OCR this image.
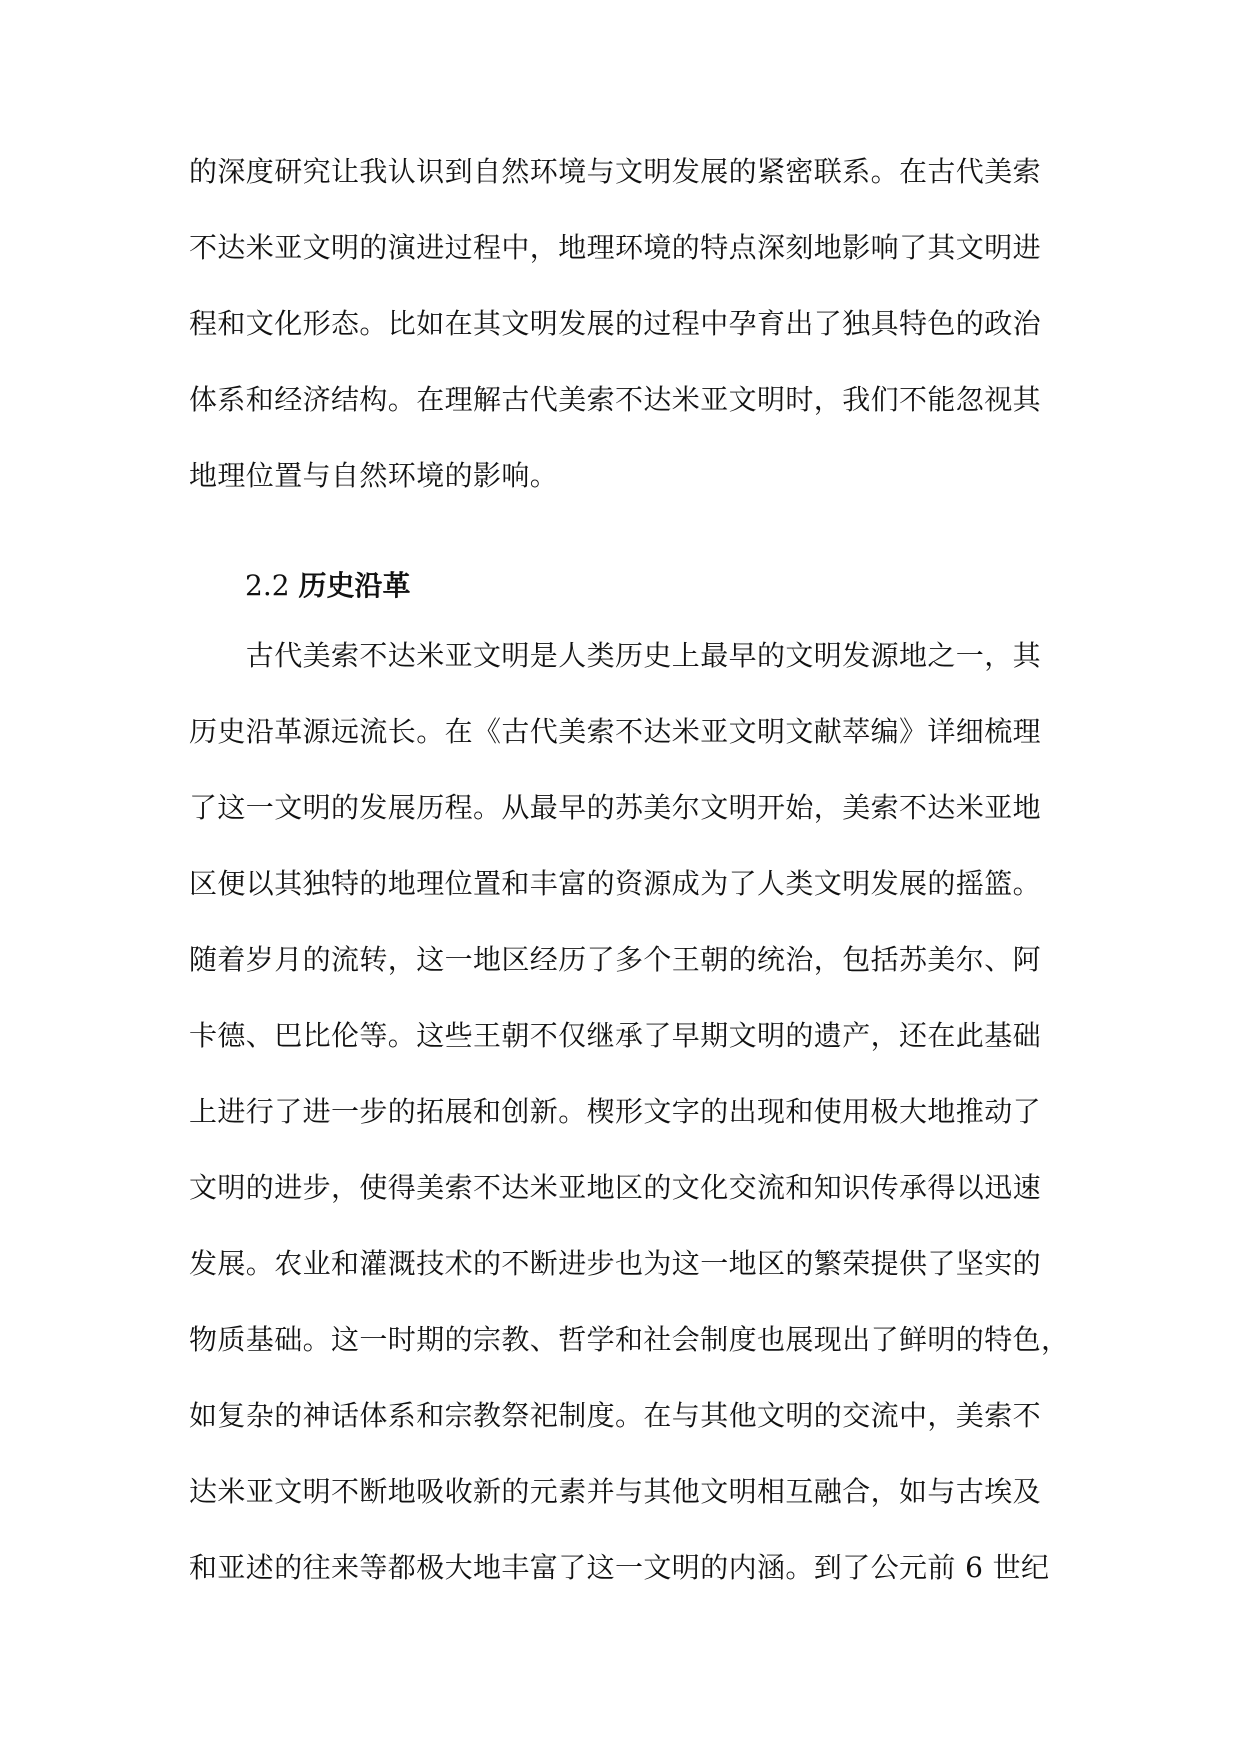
的深度研究让我认识到自然环境与文明发展的紧密联系。在古代美索
不达米亚文明的演进过程中，地理环境的特点深刻地影响了其文明进
程和文化形态。比如在其文明发展的过程中孕育出了独具特色的政治
体系和经济结构。在理解古代美索不达米亚文明时，我们不能忽视其
地理位置与自然环境的影响。
2.2 历史沿革
　　古代美索不达米亚文明是人类历史上最早的文明发源地之一，其
历史沿革源远流长。在《古代美索不达米亚文明文献萃编》详细梳理
了这一文明的发展历程。从最早的苏美尔文明开始，美索不达米亚地
区便以其独特的地理位置和丰富的资源成为了人类文明发展的摇篮。
随着岁月的流转，这一地区经历了多个王朝的统治，包括苏美尔、阿
卡德、巴比伦等。这些王朝不仅继承了早期文明的遗产，还在此基础
上进行了进一步的拓展和创新。楔形文字的出现和使用极大地推动了
文明的进步，使得美索不达米亚地区的文化交流和知识传承得以迅速
发展。农业和灌溉技术的不断进步也为这一地区的繁荣提供了坚实的
物质基础。这一时期的宗教、哲学和社会制度也展现出了鲜明的特色，
如复杂的神话体系和宗教祭祀制度。在与其他文明的交流中，美索不
达米亚文明不断地吸收新的元素并与其他文明相互融合，如与古埃及
和亚述的往来等都极大地丰富了这一文明的内涵。到了公元前 6 世纪
